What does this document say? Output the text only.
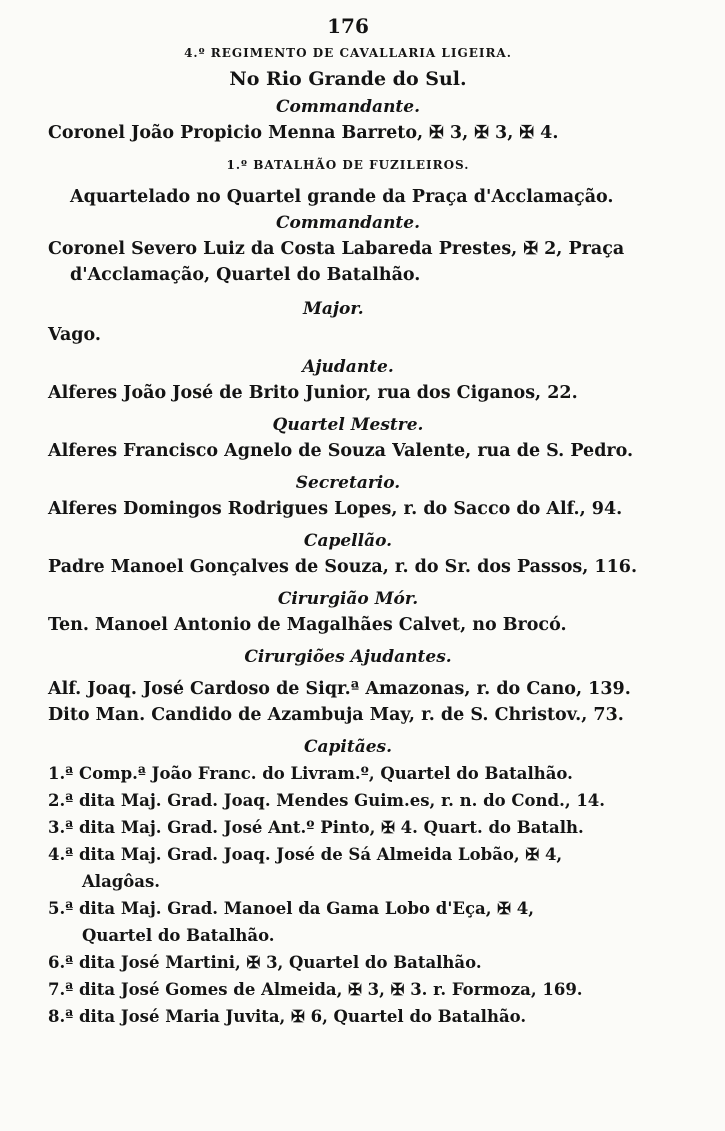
176
4.º REGIMENTO DE CAVALLARIA LIGEIRA.
No Rio Grande do Sul.
Commandante.
Coronel João Propicio Menna Barreto, ✠ 3, ✠ 3, ✠ 4.
1.º BATALHÃO DE FUZILEIROS.
Aquartelado no Quartel grande da Praça d'Acclamação.
Commandante.
Coronel Severo Luiz da Costa Labareda Prestes, ✠ 2, Praça
d'Acclamação, Quartel do Batalhão.
Major.
Vago.
Ajudante.
Alferes João José de Brito Junior, rua dos Ciganos, 22.
Quartel Mestre.
Alferes Francisco Agnelo de Souza Valente, rua de S. Pedro.
Secretario.
Alferes Domingos Rodrigues Lopes, r. do Sacco do Alf., 94.
Capellão.
Padre Manoel Gonçalves de Souza, r. do Sr. dos Passos, 116.
Cirurgião Mór.
Ten. Manoel Antonio de Magalhães Calvet, no Brocó.
Cirurgiões Ajudantes.
Alf. Joaq. José Cardoso de Siqr.ª Amazonas, r. do Cano, 139.
Dito Man. Candido de Azambuja May, r. de S. Christov., 73.
Capitães.
1.ª Comp.ª João Franc. do Livram.º, Quartel do Batalhão.
2.ª dita Maj. Grad. Joaq. Mendes Guim.es, r. n. do Cond., 14.
3.ª dita Maj. Grad. José Ant.º Pinto, ✠ 4. Quart. do Batalh.
4.ª dita Maj. Grad. Joaq. José de Sá Almeida Lobão, ✠ 4,
Alagôas.
5.ª dita Maj. Grad. Manoel da Gama Lobo d'Eça, ✠ 4,
Quartel do Batalhão.
6.ª dita José Martini, ✠ 3, Quartel do Batalhão.
7.ª dita José Gomes de Almeida, ✠ 3, ✠ 3. r. Formoza, 169.
8.ª dita José Maria Juvita, ✠ 6, Quartel do Batalhão.
